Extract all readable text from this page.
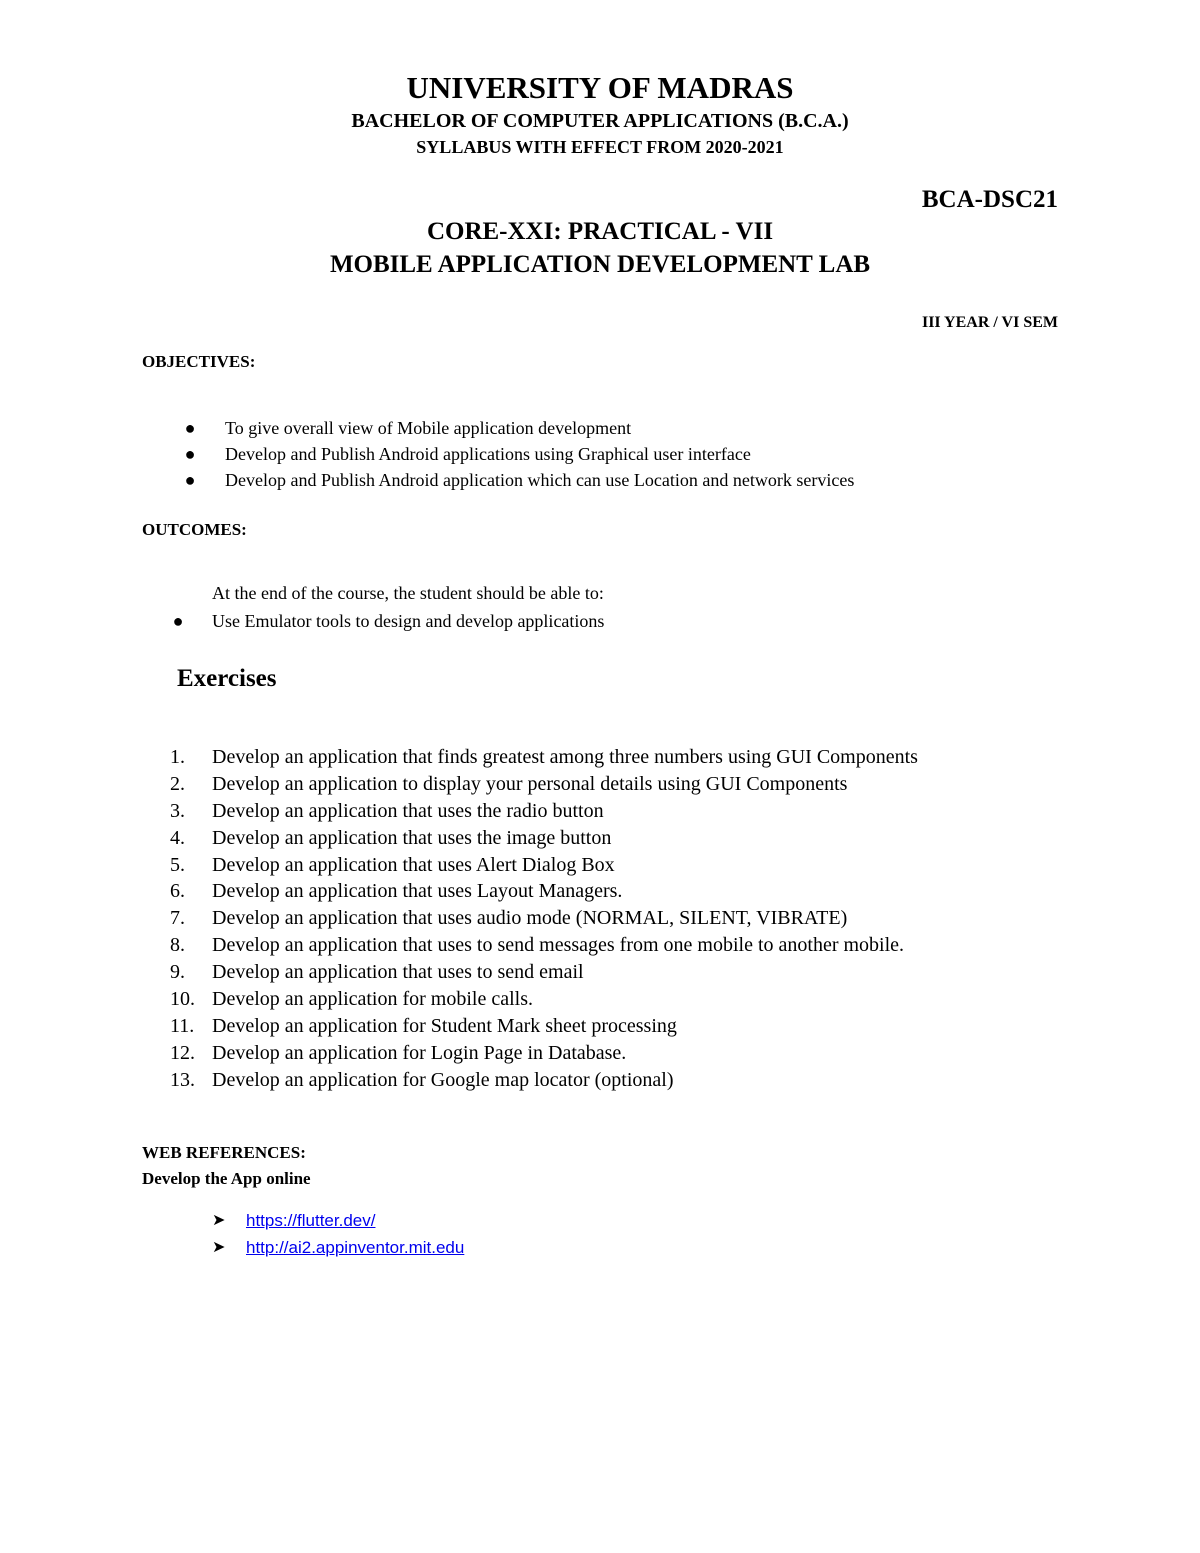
UNIVERSITY OF MADRAS
BACHELOR OF COMPUTER APPLICATIONS (B.C.A.)
SYLLABUS WITH EFFECT FROM 2020-2021
BCA-DSC21
CORE-XXI: PRACTICAL - VII
MOBILE APPLICATION DEVELOPMENT LAB
III YEAR / VI SEM
OBJECTIVES:
● To give overall view of Mobile application development
● Develop and Publish Android applications using Graphical user interface
● Develop and Publish Android application which can use Location and network services
OUTCOMES:
At the end of the course, the student should be able to:
● Use Emulator tools to design and develop applications
Exercises
1.	Develop an application that finds greatest among three numbers using GUI Components
2.	Develop an application to display your personal details using GUI Components
3.	Develop an application that uses the radio button
4.	Develop an application that uses the image button
5.	Develop an application that uses Alert Dialog Box
6.	Develop an application that uses Layout Managers.
7.	Develop an application that uses audio mode (NORMAL, SILENT, VIBRATE)
8.	Develop an application that uses to send messages from one mobile to another mobile.
9.	Develop an application that uses to send email
10. Develop an application for mobile calls.
11. Develop an application for Student Mark sheet processing
12. Develop an application for Login Page in Database.
13. Develop an application for Google map locator (optional)
WEB REFERENCES:
Develop the App online
➤ https://flutter.dev/
➤ http://ai2.appinventor.mit.edu
